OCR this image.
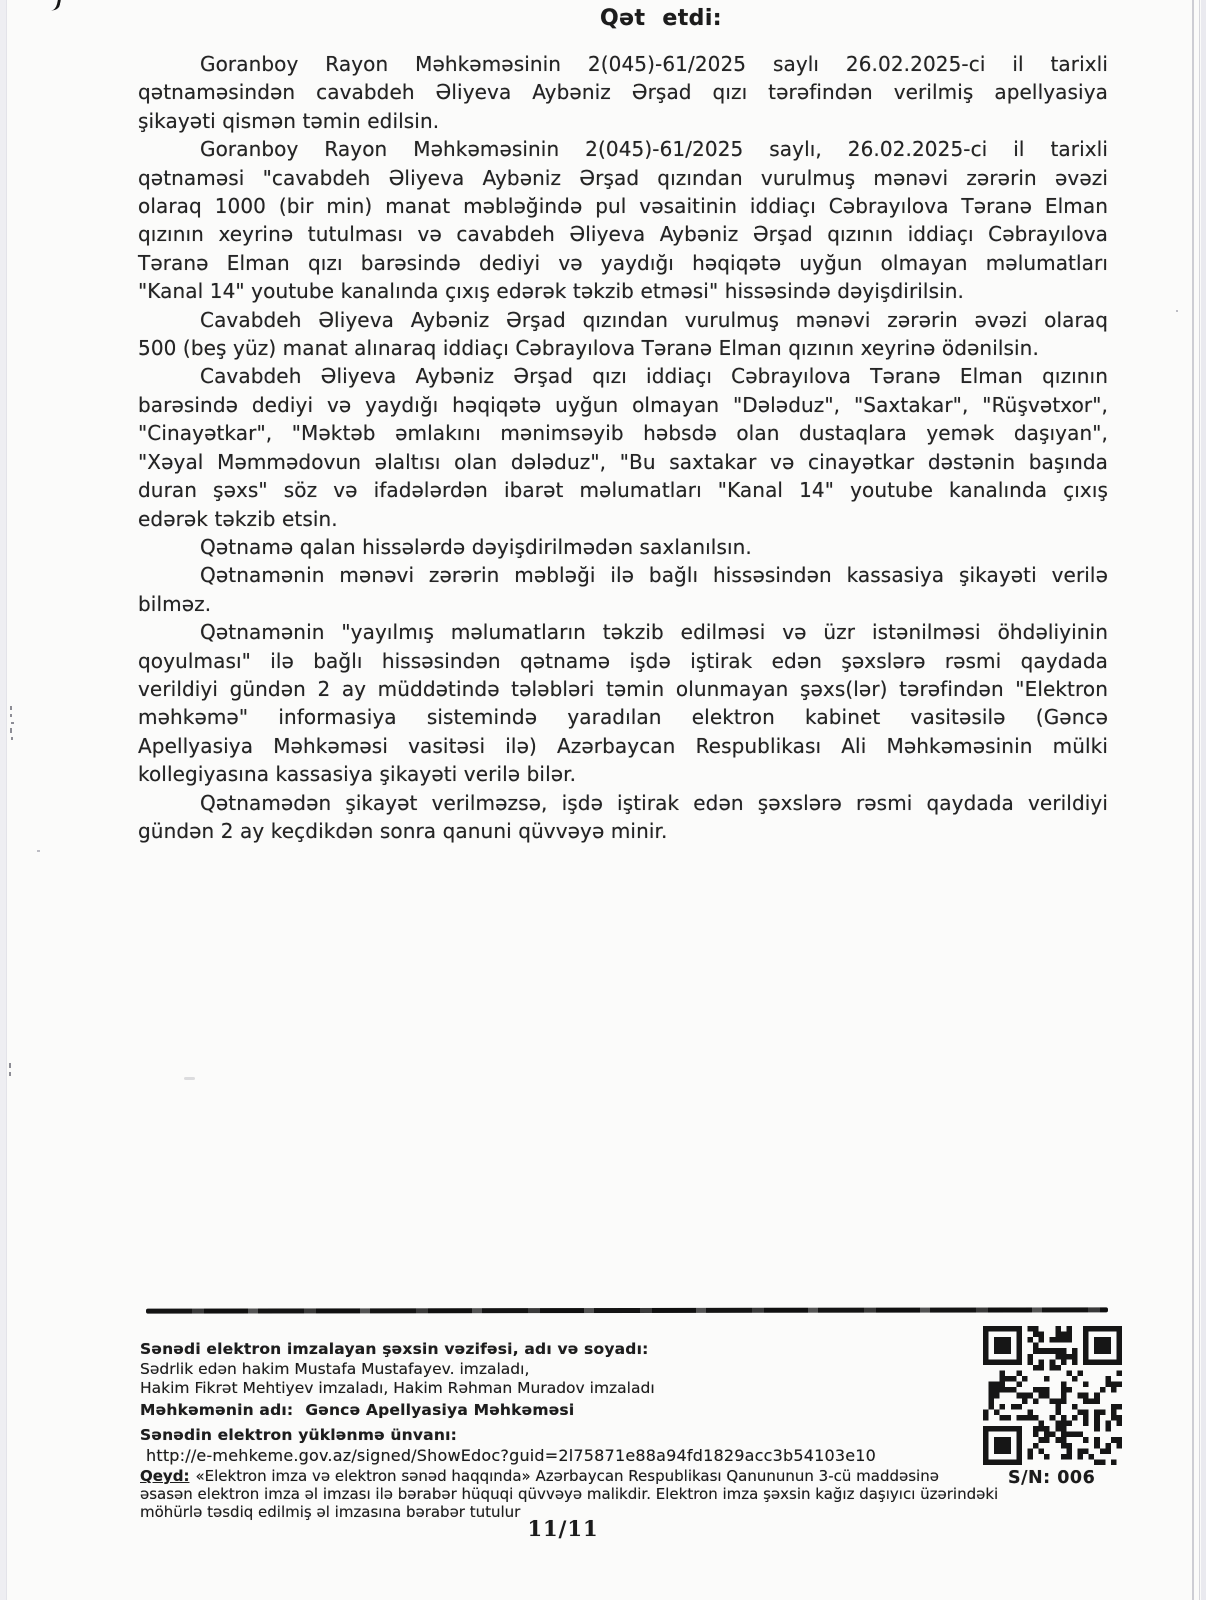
Qət etdi:
Goranboy Rayon Məhkəməsinin 2(045)-61/2025 saylı 26.02.2025-ci il tarixli
qətnaməsindən cavabdeh Əliyeva Aybəniz Ərşad qızı tərəfindən verilmiş apellyasiya
şikayəti qismən təmin edilsin.
Goranboy Rayon Məhkəməsinin 2(045)-61/2025 saylı, 26.02.2025-ci il tarixli
qətnaməsi "cavabdeh Əliyeva Aybəniz Ərşad qızından vurulmuş mənəvi zərərin əvəzi
olaraq 1000 (bir min) manat məbləğində pul vəsaitinin iddiaçı Cəbrayılova Təranə Elman
qızının xeyrinə tutulması və cavabdeh Əliyeva Aybəniz Ərşad qızının iddiaçı Cəbrayılova
Təranə Elman qızı barəsində dediyi və yaydığı həqiqətə uyğun olmayan məlumatları
"Kanal 14" youtube kanalında çıxış edərək təkzib etməsi" hissəsində dəyişdirilsin.
Cavabdeh Əliyeva Aybəniz Ərşad qızından vurulmuş mənəvi zərərin əvəzi olaraq
500 (beş yüz) manat alınaraq iddiaçı Cəbrayılova Təranə Elman qızının xeyrinə ödənilsin.
Cavabdeh Əliyeva Aybəniz Ərşad qızı iddiaçı Cəbrayılova Təranə Elman qızının
barəsində dediyi və yaydığı həqiqətə uyğun olmayan "Dələduz", "Saxtakar", "Rüşvətxor",
"Cinayətkar", "Məktəb əmlakını mənimsəyib həbsdə olan dustaqlara yemək daşıyan",
"Xəyal Məmmədovun əlaltısı olan dələduz", "Bu saxtakar və cinayətkar dəstənin başında
duran şəxs" söz və ifadələrdən ibarət məlumatları "Kanal 14" youtube kanalında çıxış
edərək təkzib etsin.
Qətnamə qalan hissələrdə dəyişdirilmədən saxlanılsın.
Qətnamənin mənəvi zərərin məbləği ilə bağlı hissəsindən kassasiya şikayəti verilə
bilməz.
Qətnamənin "yayılmış məlumatların təkzib edilməsi və üzr istənilməsi öhdəliyinin
qoyulması" ilə bağlı hissəsindən qətnamə işdə iştirak edən şəxslərə rəsmi qaydada
verildiyi gündən 2 ay müddətində tələbləri təmin olunmayan şəxs(lər) tərəfindən "Elektron
məhkəmə" informasiya sistemində yaradılan elektron kabinet vasitəsilə (Gəncə
Apellyasiya Məhkəməsi vasitəsi ilə) Azərbaycan Respublikası Ali Məhkəməsinin mülki
kollegiyasına kassasiya şikayəti verilə bilər.
Qətnamədən şikayət verilməzsə, işdə iştirak edən şəxslərə rəsmi qaydada verildiyi
gündən 2 ay keçdikdən sonra qanuni qüvvəyə minir.
Sənədi elektron imzalayan şəxsin vəzifəsi, adı və soyadı:
Sədrlik edən hakim Mustafa Mustafayev. imzaladı,
Hakim Fikrət Mehtiyev imzaladı, Hakim Rəhman Muradov imzaladı
Məhkəmənin adı: Gəncə Apellyasiya Məhkəməsi
Sənədin elektron yüklənmə ünvanı:
http://e-mehkeme.gov.az/signed/ShowEdoc?guid=2l75871e88a94fd1829acc3b54103e10
Qeyd: «Elektron imza və elektron sənəd haqqında» Azərbaycan Respublikası Qanununun 3-cü maddəsinə
əsasən elektron imza əl imzası ilə bərabər hüquqi qüvvəyə malikdir. Elektron imza şəxsin kağız daşıyıcı üzərindəki
möhürlə təsdiq edilmiş əl imzasına bərabər tutulur
S/N: 006
11/11
